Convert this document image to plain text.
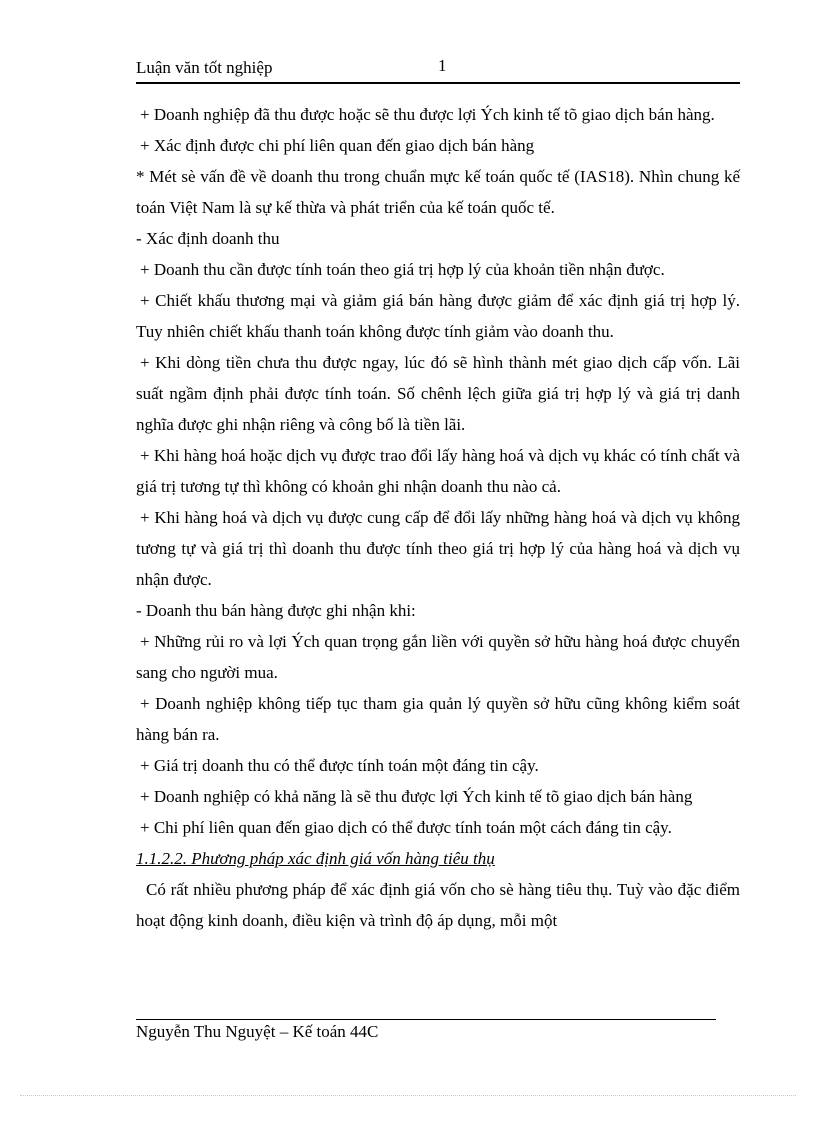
Luận văn tốt nghiệp	1

+ Doanh nghiệp đã thu được hoặc sẽ thu được lợi Ých kinh tế tõ giao dịch bán hàng.

+ Xác định được chi phí liên quan đến giao dịch bán hàng

* Mét sè vấn đề về doanh thu trong chuẩn mực kế toán quốc tế (IAS18). Nhìn chung kế toán Việt Nam là sự kế thừa và phát triển của kế toán quốc tế.

- Xác định doanh thu

+ Doanh thu cần được tính toán theo giá trị hợp lý của khoản tiền nhận được.

+ Chiết khấu thương mại và giảm giá bán hàng được giảm để xác định giá trị hợp lý. Tuy nhiên chiết khấu thanh toán không được tính giảm vào doanh thu.

+ Khi dòng tiền chưa thu được ngay, lúc đó sẽ hình thành mét giao dịch cấp vốn. Lãi suất ngầm định phải được tính toán. Số chênh lệch giữa giá trị hợp lý và giá trị danh nghĩa được ghi nhận riêng và công bố là tiền lãi.

+ Khi hàng hoá hoặc dịch vụ được trao đổi lấy hàng hoá và dịch vụ khác có tính chất và giá trị tương tự thì không có khoản ghi nhận doanh thu nào cả.

+ Khi hàng hoá và dịch vụ được cung cấp để đổi lấy những hàng hoá và dịch vụ không tương tự và giá trị thì doanh thu được tính theo giá trị hợp lý của hàng hoá và dịch vụ nhận được.

- Doanh thu bán hàng được ghi nhận khi:

+ Những rủi ro và lợi Ých quan trọng gắn liền với quyền sở hữu hàng hoá được chuyển sang cho người mua.

+ Doanh nghiệp không tiếp tục tham gia quản lý quyền sở hữu cũng không kiểm soát hàng bán ra.

+ Giá trị doanh thu có thể được tính toán một đáng tin cậy.

+ Doanh nghiệp có khả năng là sẽ thu được lợi Ých kinh tế tõ giao dịch bán hàng

+ Chi phí liên quan đến giao dịch có thể được tính toán một cách đáng tin cậy.

1.1.2.2. Phương pháp xác định giá vốn hàng tiêu thụ

Có rất nhiều phương pháp để xác định giá vốn cho sè hàng tiêu thụ. Tuỳ vào đặc điểm hoạt động kinh doanh, điều kiện và trình độ áp dụng, mỗi một

Nguyễn Thu Nguyệt – Kế toán 44C
